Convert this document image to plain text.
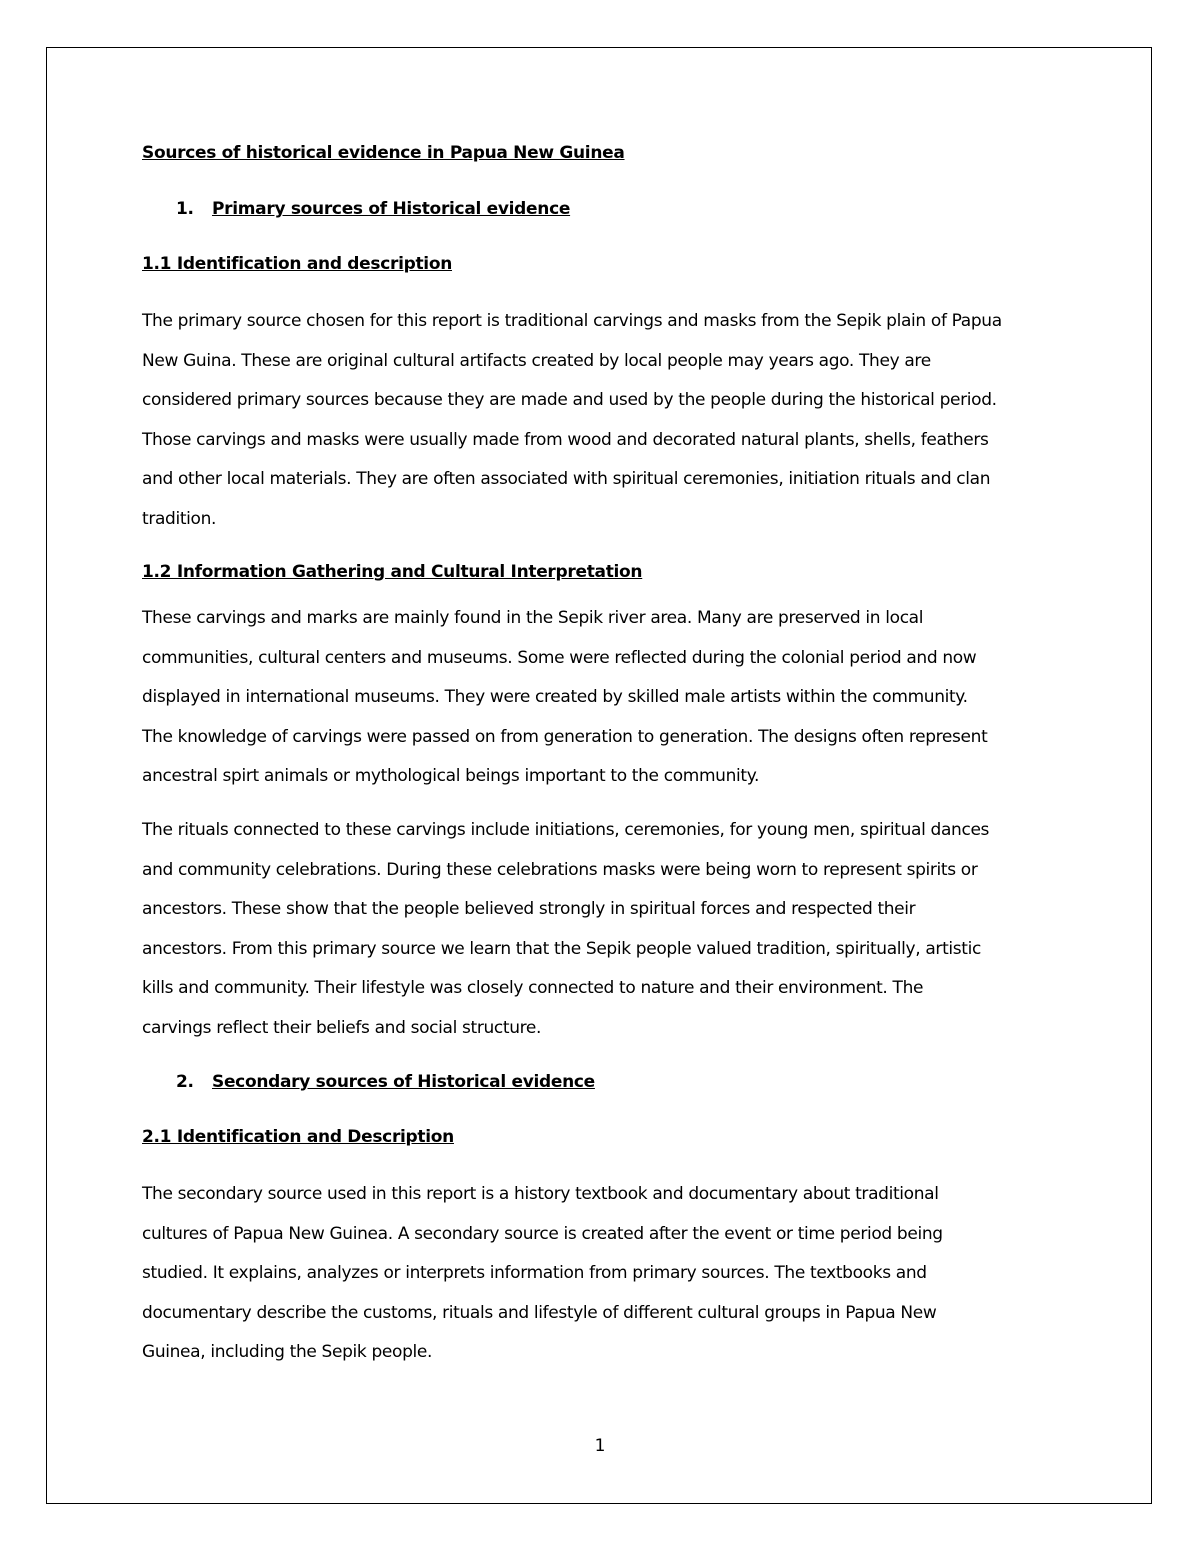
Sources of historical evidence in Papua New Guinea
1. Primary sources of Historical evidence
1.1 Identification and description
The primary source chosen for this report is traditional carvings and masks from the Sepik plain of Papua
New Guina. These are original cultural artifacts created by local people may years ago. They are
considered primary sources because they are made and used by the people during the historical period.
Those carvings and masks were usually made from wood and decorated natural plants, shells, feathers
and other local materials. They are often associated with spiritual ceremonies, initiation rituals and clan
tradition.
1.2 Information Gathering and Cultural Interpretation
These carvings and marks are mainly found in the Sepik river area. Many are preserved in local
communities, cultural centers and museums. Some were reflected during the colonial period and now
displayed in international museums. They were created by skilled male artists within the community.
The knowledge of carvings were passed on from generation to generation. The designs often represent
ancestral spirt animals or mythological beings important to the community.
The rituals connected to these carvings include initiations, ceremonies, for young men, spiritual dances
and community celebrations. During these celebrations masks were being worn to represent spirits or
ancestors. These show that the people believed strongly in spiritual forces and respected their
ancestors. From this primary source we learn that the Sepik people valued tradition, spiritually, artistic
kills and community. Their lifestyle was closely connected to nature and their environment. The
carvings reflect their beliefs and social structure.
2. Secondary sources of Historical evidence
2.1 Identification and Description
The secondary source used in this report is a history textbook and documentary about traditional
cultures of Papua New Guinea. A secondary source is created after the event or time period being
studied. It explains, analyzes or interprets information from primary sources. The textbooks and
documentary describe the customs, rituals and lifestyle of different cultural groups in Papua New
Guinea, including the Sepik people.
1
